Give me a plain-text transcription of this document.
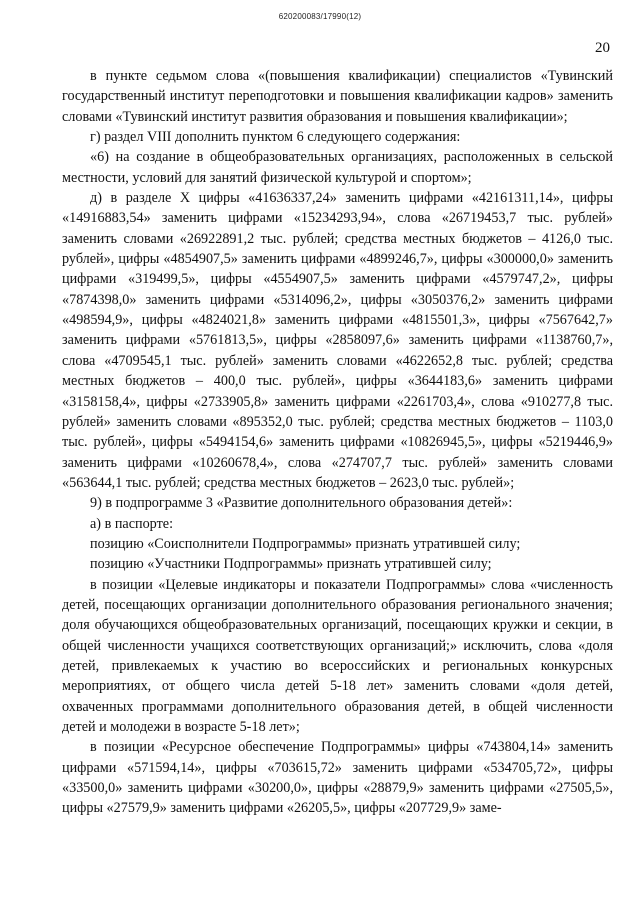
620200083/17990(12)
20

в пункте седьмом слова «(повышения квалификации) специалистов «Тувинский государственный институт переподготовки и повышения квалификации кадров» заменить словами «Тувинский институт развития образования и повышения квалификации»;

г) раздел VIII дополнить пунктом 6 следующего содержания:

«6) на создание в общеобразовательных организациях, расположенных в сельской местности, условий для занятий физической культурой и спортом»;

д) в разделе X цифры «41636337,24» заменить цифрами «42161311,14», цифры «14916883,54» заменить цифрами «15234293,94», слова «26719453,7 тыс. рублей» заменить словами «26922891,2 тыс. рублей; средства местных бюджетов – 4126,0 тыс. рублей», цифры «4854907,5» заменить цифрами «4899246,7», цифры «300000,0» заменить цифрами «319499,5», цифры «4554907,5» заменить цифрами «4579747,2», цифры «7874398,0» заменить цифрами «5314096,2», цифры «3050376,2» заменить цифрами «498594,9», цифры «4824021,8» заменить цифрами «4815501,3», цифры «7567642,7» заменить цифрами «5761813,5», цифры «2858097,6» заменить цифрами «1138760,7», слова «4709545,1 тыс. рублей» заменить словами «4622652,8 тыс. рублей; средства местных бюджетов – 400,0 тыс. рублей», цифры «3644183,6» заменить цифрами «3158158,4», цифры «2733905,8» заменить цифрами «2261703,4», слова «910277,8 тыс. рублей» заменить словами «895352,0 тыс. рублей; средства местных бюджетов – 1103,0 тыс. рублей», цифры «5494154,6» заменить цифрами «10826945,5», цифры «5219446,9» заменить цифрами «10260678,4», слова «274707,7 тыс. рублей» заменить словами «563644,1 тыс. рублей; средства местных бюджетов – 2623,0 тыс. рублей»;

9) в подпрограмме 3 «Развитие дополнительного образования детей»:

а) в паспорте:

позицию «Соисполнители Подпрограммы» признать утратившей силу;

позицию «Участники Подпрограммы» признать утратившей силу;

в позиции «Целевые индикаторы и показатели Подпрограммы» слова «численность детей, посещающих организации дополнительного образования регионального значения; доля обучающихся общеобразовательных организаций, посещающих кружки и секции, в общей численности учащихся соответствующих организаций;» исключить, слова «доля детей, привлекаемых к участию во всероссийских и региональных конкурсных мероприятиях, от общего числа детей 5-18 лет» заменить словами «доля детей, охваченных программами дополнительного образования детей, в общей численности детей и молодежи в возрасте 5-18 лет»;

в позиции «Ресурсное обеспечение Подпрограммы» цифры «743804,14» заменить цифрами «571594,14», цифры «703615,72» заменить цифрами «534705,72», цифры «33500,0» заменить цифрами «30200,0», цифры «28879,9» заменить цифрами «27505,5», цифры «27579,9» заменить цифрами «26205,5», цифры «207729,9» заме-
